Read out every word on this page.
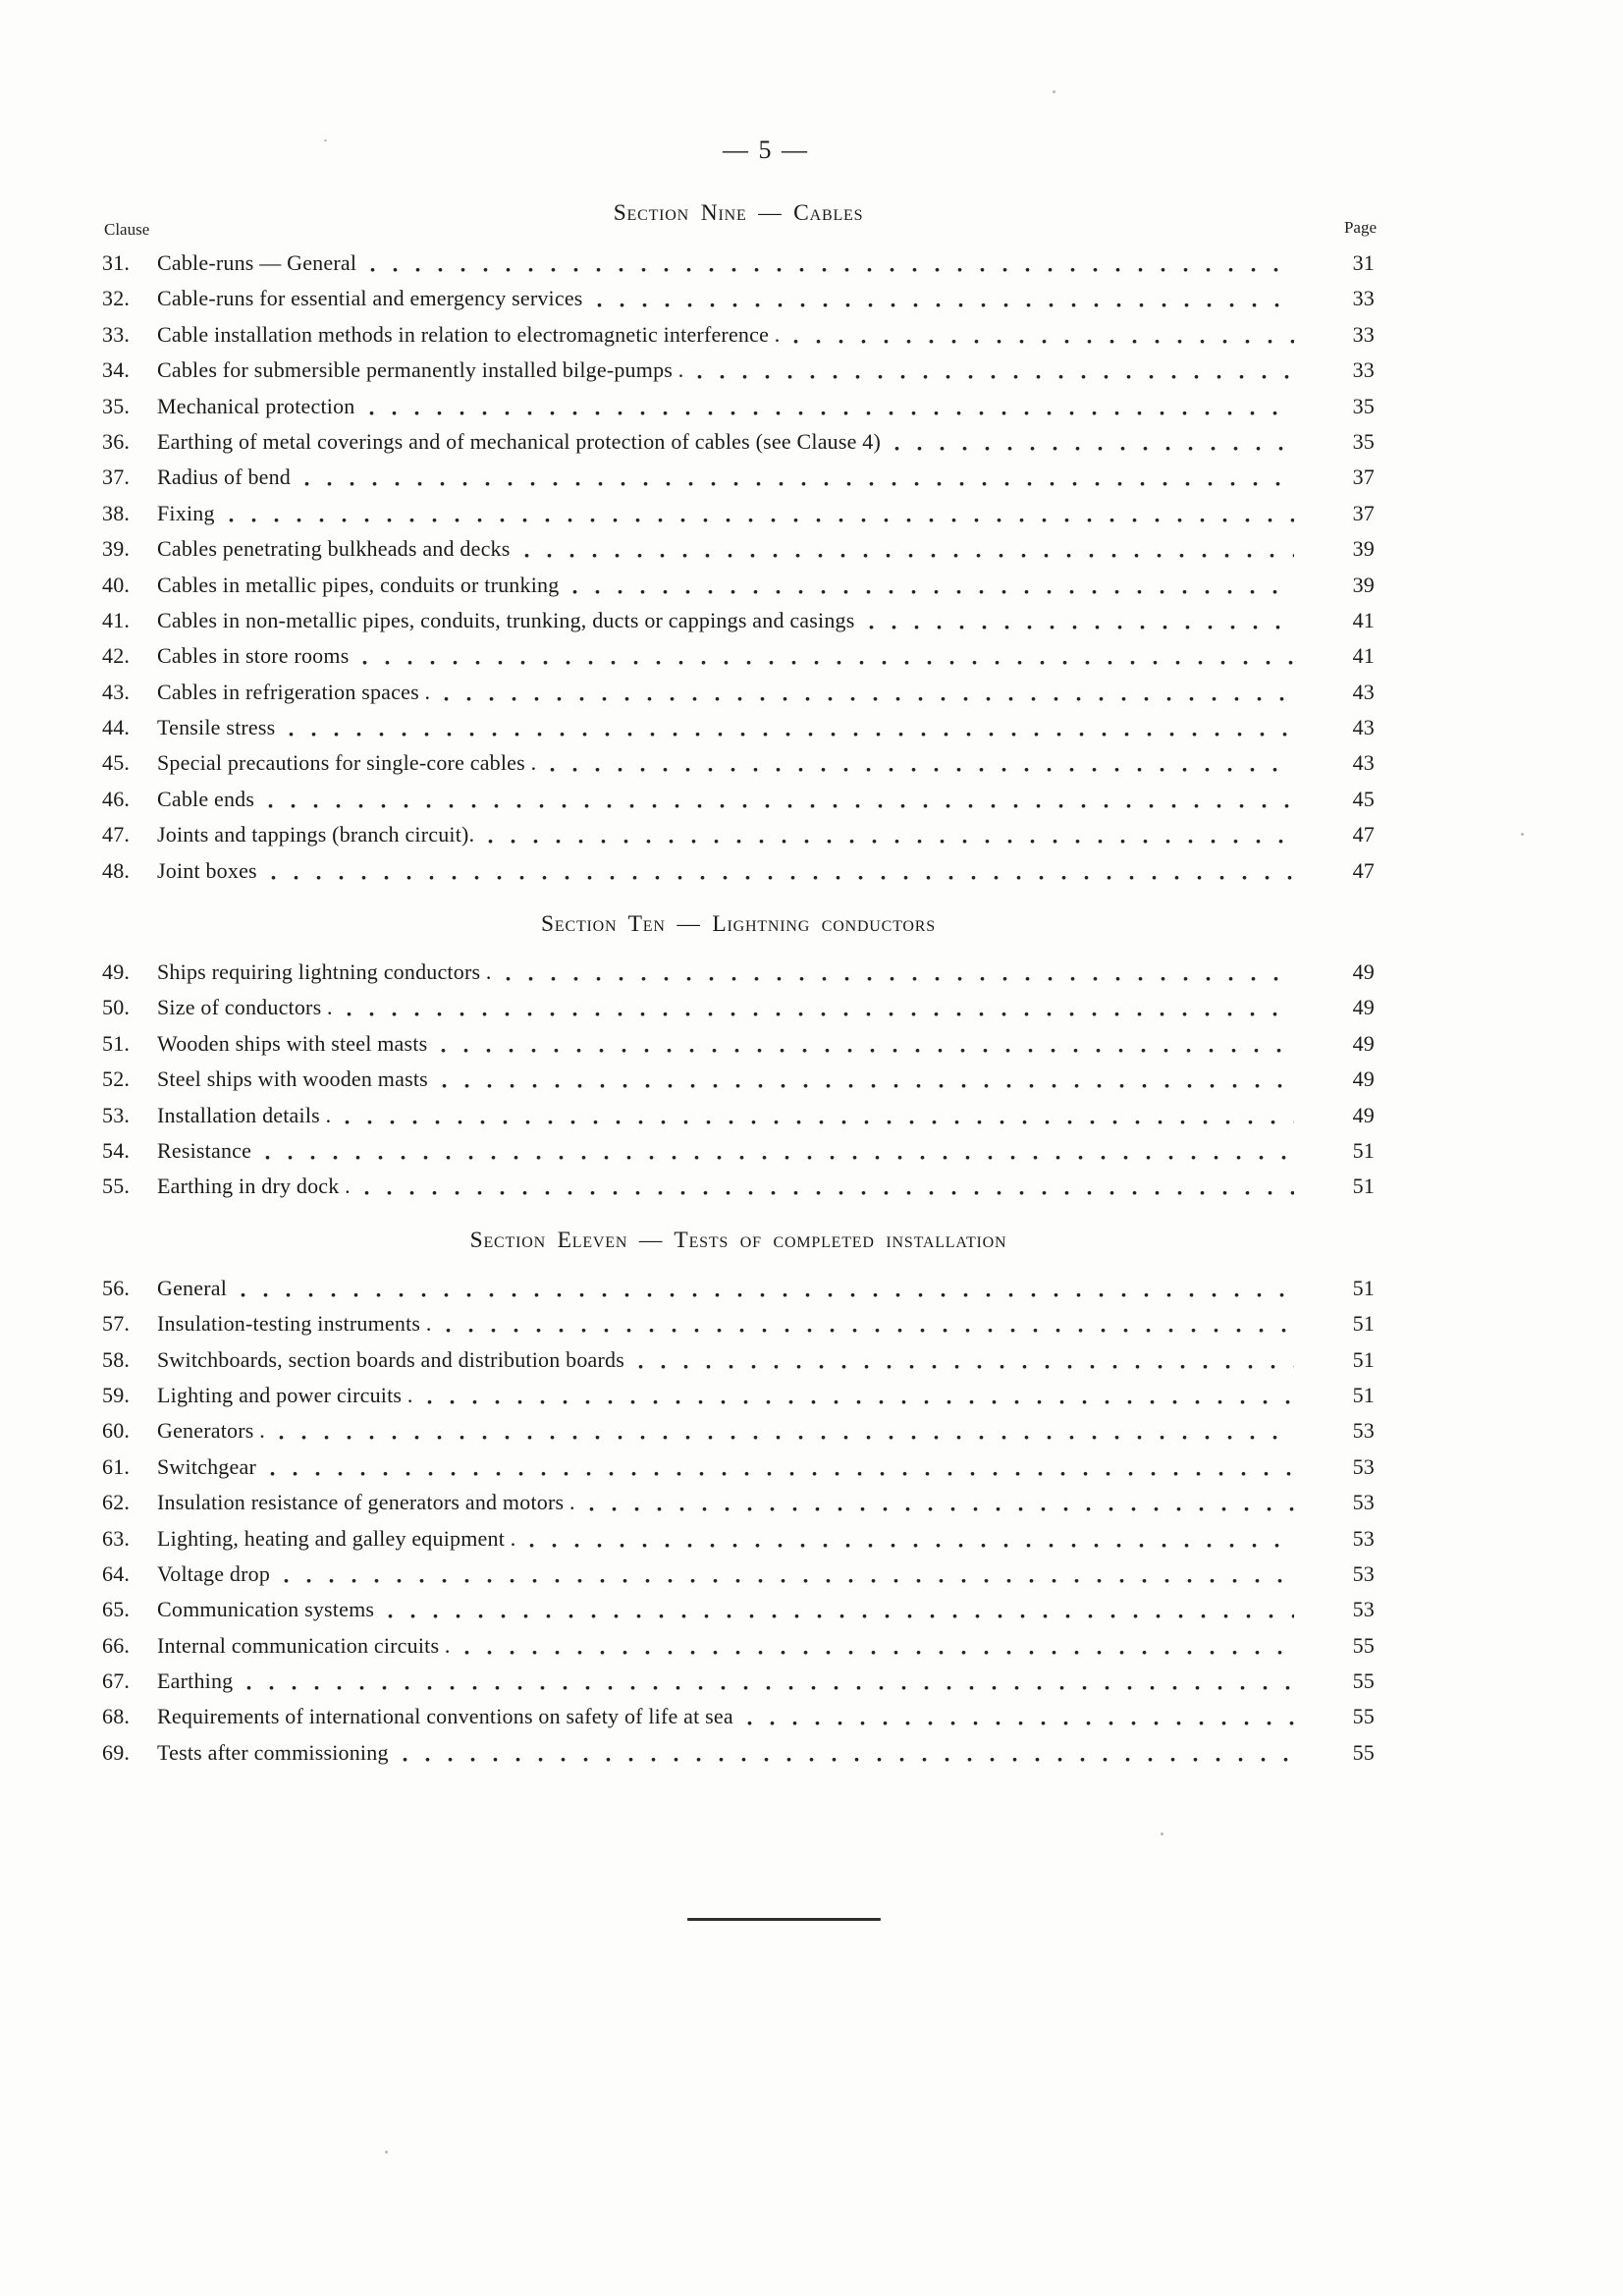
— 5 —
Clause	Page
Section Nine — Cables
31.	Cable-runs — General	31
32.	Cable-runs for essential and emergency services	33
33.	Cable installation methods in relation to electromagnetic interference .	33
34.	Cables for submersible permanently installed bilge-pumps .	33
35.	Mechanical protection	35
36.	Earthing of metal coverings and of mechanical protection of cables (see Clause 4)	35
37.	Radius of bend	37
38.	Fixing	37
39.	Cables penetrating bulkheads and decks	39
40.	Cables in metallic pipes, conduits or trunking	39
41.	Cables in non-metallic pipes, conduits, trunking, ducts or cappings and casings	41
42.	Cables in store rooms	41
43.	Cables in refrigeration spaces .	43
44.	Tensile stress	43
45.	Special precautions for single-core cables .	43
46.	Cable ends	45
47.	Joints and tappings (branch circuit).	47
48.	Joint boxes	47
Section Ten — Lightning conductors
49.	Ships requiring lightning conductors .	49
50.	Size of conductors .	49
51.	Wooden ships with steel masts	49
52.	Steel ships with wooden masts	49
53.	Installation details .	49
54.	Resistance	51
55.	Earthing in dry dock .	51
Section Eleven — Tests of completed installation
56.	General	51
57.	Insulation-testing instruments .	51
58.	Switchboards, section boards and distribution boards	51
59.	Lighting and power circuits .	51
60.	Generators .	53
61.	Switchgear	53
62.	Insulation resistance of generators and motors .	53
63.	Lighting, heating and galley equipment .	53
64.	Voltage drop	53
65.	Communication systems	53
66.	Internal communication circuits .	55
67.	Earthing	55
68.	Requirements of international conventions on safety of life at sea	55
69.	Tests after commissioning	55
